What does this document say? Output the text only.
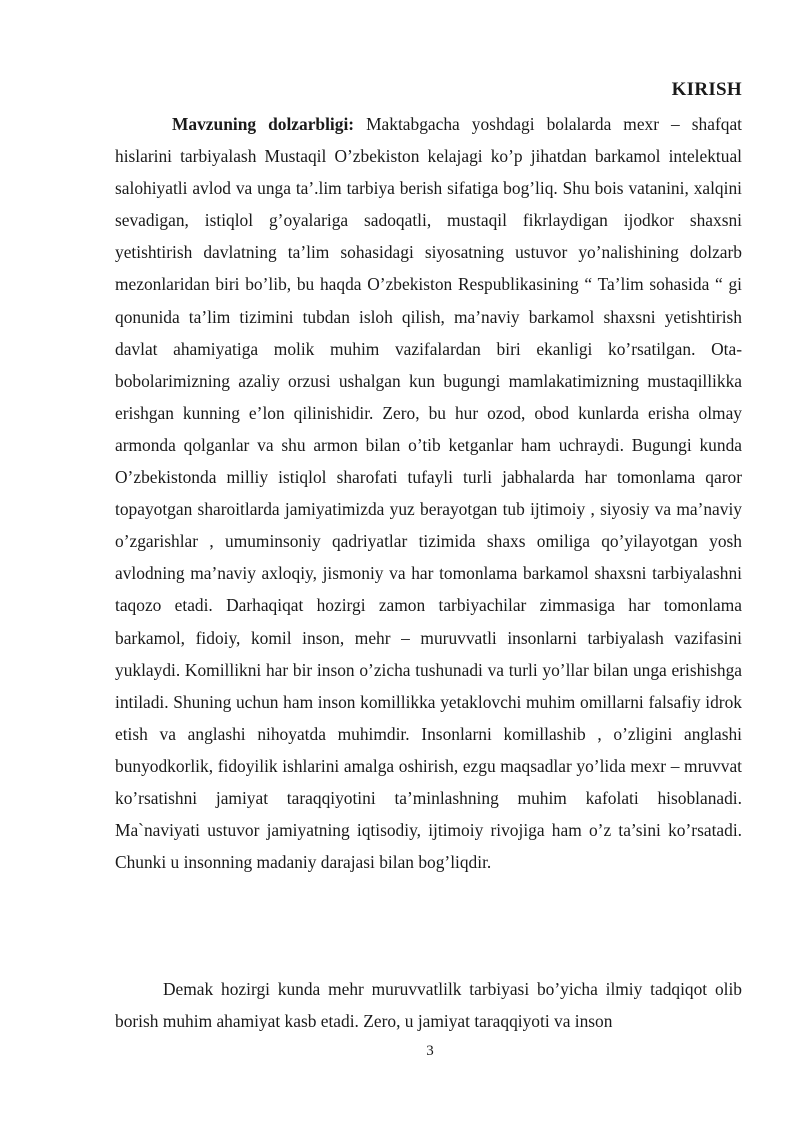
KIRISH

Mavzuning dolzarbligi: Maktabgacha yoshdagi bolalarda mexr – shafqat hislarini tarbiyalash Mustaqil O’zbekiston kelajagi ko’p jihatdan barkamol intelektual salohiyatli avlod va unga ta’.lim tarbiya berish sifatiga bog’liq. Shu bois vatanini, xalqini sevadigan, istiqlol g’oyalariga sadoqatli, mustaqil fikrlaydigan ijodkor shaxsni yetishtirish davlatning ta’lim sohasidagi siyosatning ustuvor yo’nalishining dolzarb mezonlaridan biri bo’lib, bu haqda O’zbekiston Respublikasining “ Ta’lim sohasida “ gi qonunida ta’lim tizimini tubdan isloh qilish, ma’naviy barkamol shaxsni yetishtirish davlat ahamiyatiga molik muhim vazifalardan biri ekanligi ko’rsatilgan. Ota-bobolarimizning azaliy orzusi ushalgan kun bugungi mamlakatimizning mustaqillikka erishgan kunning e’lon qilinishidir. Zero, bu hur ozod, obod kunlarda erisha olmay armonda qolganlar va shu armon bilan o’tib ketganlar ham uchraydi. Bugungi kunda O’zbekistonda milliy istiqlol sharofati tufayli turli jabhalarda har tomonlama qaror topayotgan sharoitlarda jamiyatimizda yuz berayotgan tub ijtimoiy , siyosiy va ma’naviy o’zgarishlar , umuminsoniy qadriyatlar tizimida shaxs omiliga qo’yilayotgan yosh avlodning ma’naviy axloqiy, jismoniy va har tomonlama barkamol shaxsni tarbiyalashni taqozo etadi. Darhaqiqat hozirgi zamon tarbiyachilar zimmasiga har tomonlama barkamol, fidoiy, komil inson, mehr – muruvvatli insonlarni tarbiyalash vazifasini yuklaydi. Komillikni har bir inson o’zicha tushunadi va turli yo’llar bilan unga erishishga intiladi. Shuning uchun ham inson komillikka yetaklovchi muhim omillarni falsafiy idrok etish va anglashi nihoyatda muhimdir. Insonlarni komillashib , o’zligini anglashi bunyodkorlik, fidoyilik ishlarini amalga oshirish, ezgu maqsadlar yo’lida mexr – mruvvat ko’rsatishni jamiyat taraqqiyotini ta’minlashning muhim kafolati hisoblanadi. Ma`naviyati ustuvor jamiyatning iqtisodiy, ijtimoiy rivojiga ham o’z ta’sini ko’rsatadi. Chunki u insonning madaniy darajasi bilan bog’liqdir.

Demak hozirgi kunda mehr muruvvatlilk tarbiyasi bo’yicha ilmiy tadqiqot olib borish muhim ahamiyat kasb etadi. Zero, u jamiyat taraqqiyoti va inson

3
